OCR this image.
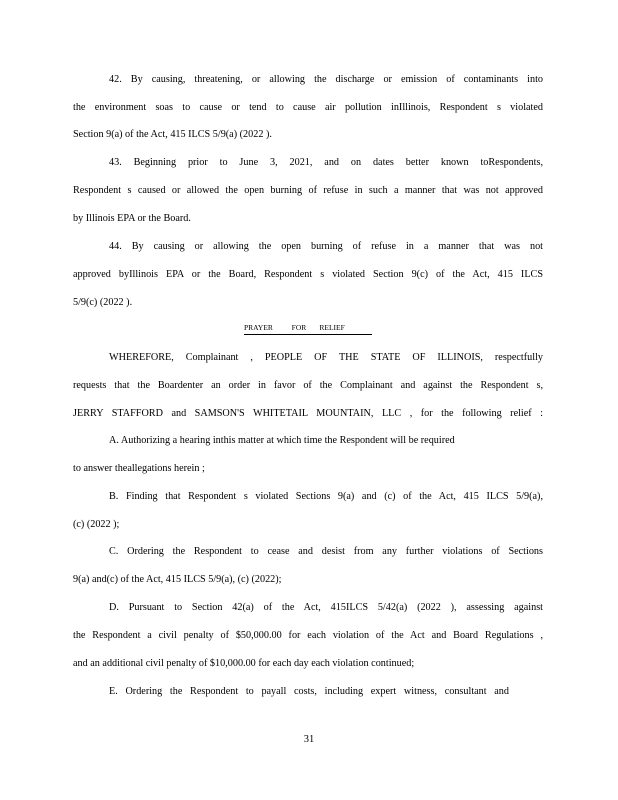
42. By causing, threatening, or allowing the discharge or emission of contaminants into
the environment soas to cause or tend to cause air pollution inIllinois, Respondent s violated
Section 9(a) of the Act, 415 ILCS 5/9(a) (2022 ).
43. Beginning prior to June 3, 2021, and on dates better known toRespondents,
Respondent s caused or allowed the open burning of refuse in such a manner that was not approved
by Illinois EPA or the Board.
44. By causing or allowing the open burning of refuse in a manner that was not
approved byIllinois EPA or the Board, Respondent s violated Section 9(c) of the Act, 415 ILCS
5/9(c) (2022 ).
PRAYER          FOR       RELIEF
WHEREFORE, Complainant , PEOPLE OF THE STATE OF ILLINOIS, respectfully
requests that the Boardenter an order in favor of the Complainant and against the Respondent s,
JERRY STAFFORD and SAMSON'S WHITETAIL MOUNTAIN, LLC , for the following relief :
A. Authorizing a hearing inthis matter at which time the Respondent will be required
to answer theallegations herein ;
B. Finding that Respondent s violated Sections 9(a) and (c) of the Act, 415 ILCS 5/9(a),
(c) (2022 );
C. Ordering the Respondent to cease and desist from any further violations of Sections
9(a) and(c) of the Act, 415 ILCS 5/9(a), (c) (2022);
D. Pursuant to Section 42(a) of the Act, 415ILCS 5/42(a) (2022 ), assessing against
the Respondent a civil penalty of $50,000.00 for each violation of the Act and Board Regulations ,
and an additional civil penalty of $10,000.00 for each day each violation continued;
E. Ordering the Respondent to payall costs, including expert witness, consultant and
31
